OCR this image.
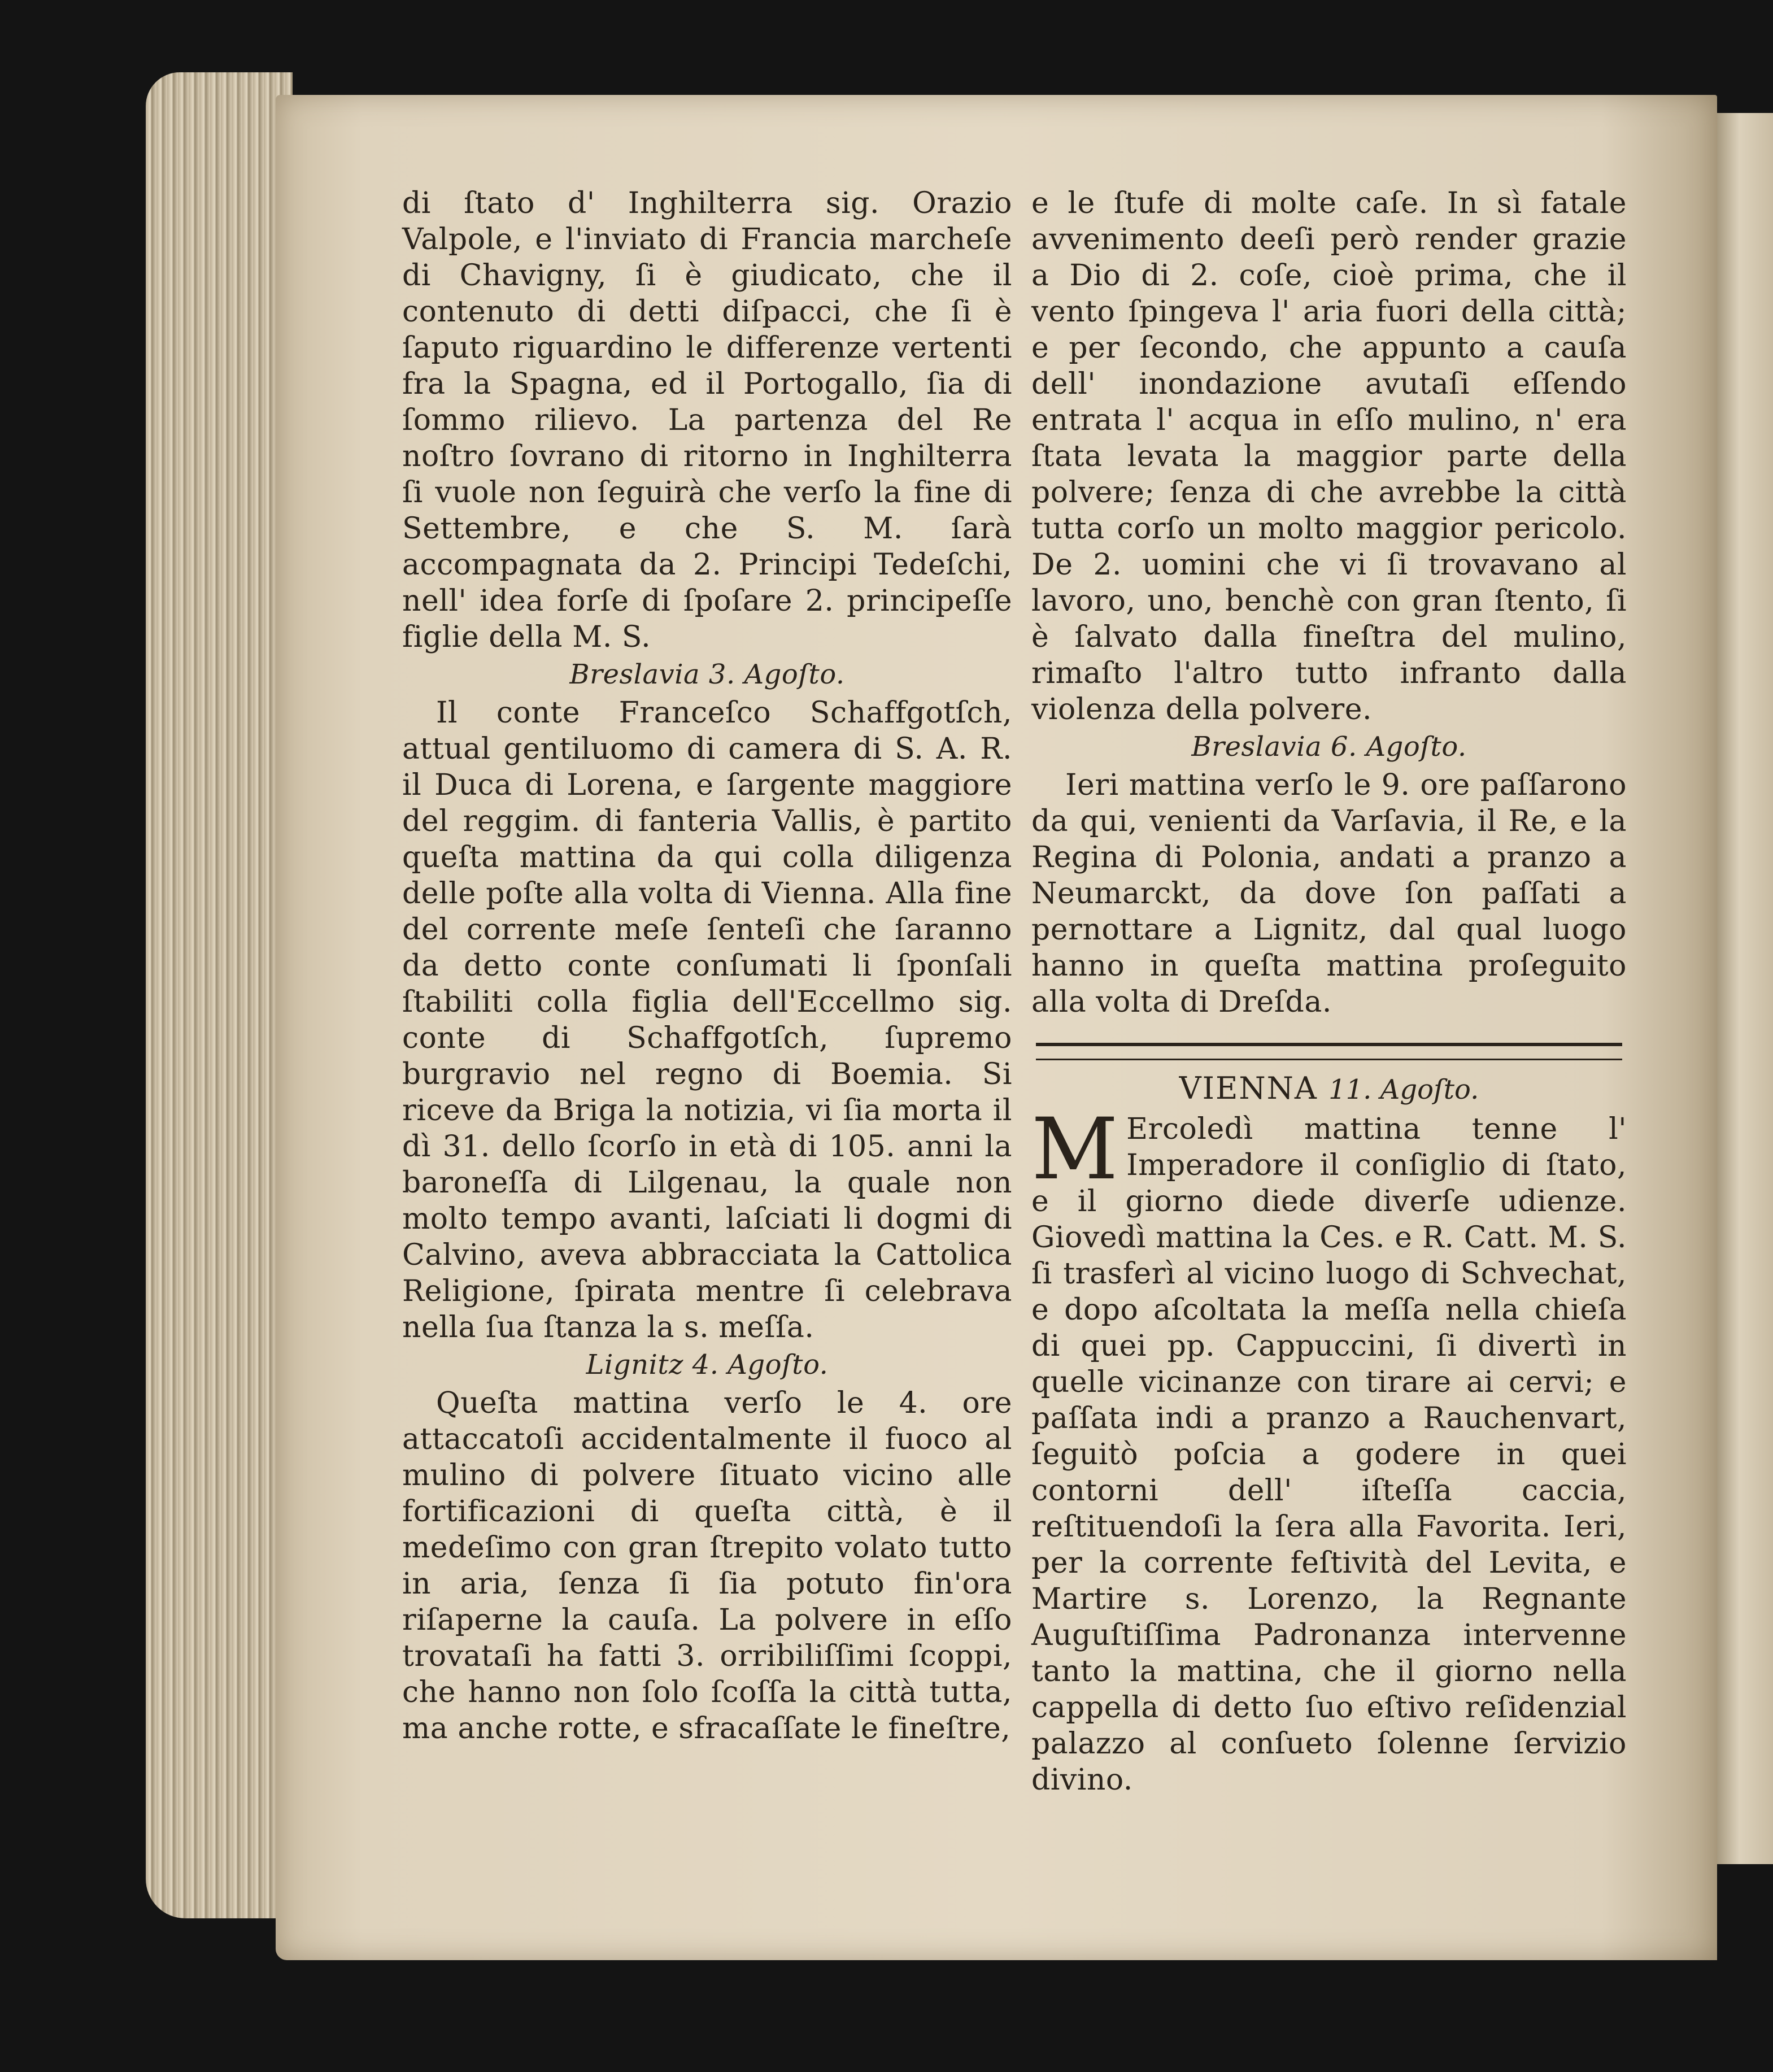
di ſtato d' Inghilterra sig. Orazio Valpole, e l'inviato di Francia marcheſe di Chavigny, ſi è giudicato, che il contenuto di detti diſpacci, che ſi è ſaputo riguardino le differenze vertenti fra la Spagna, ed il Portogallo, ſia di ſommo rilievo. La partenza del Re noſtro ſovrano di ritorno in Inghilterra ſi vuole non ſeguirà che verſo la fine di Settembre, e che S. M. ſarà accompagnata da 2. Principi Tedeſchi, nell' idea forſe di ſpoſare 2. principeſſe figlie della M. S.

Breslavia 3. Agoſto.

Il conte Franceſco Schaffgotſch, attual gentiluomo di camera di S. A. R. il Duca di Lorena, e ſargente maggiore del reggim. di fanteria Vallis, è partito queſta mattina da qui colla diligenza delle poſte alla volta di Vienna. Alla fine del corrente meſe ſenteſi che ſaranno da detto conte conſumati li ſponſali ſtabiliti colla figlia dell'Eccellmo sig. conte di Schaffgotſch, ſupremo burgravio nel regno di Boemia. Si riceve da Briga la notizia, vi ſia morta il dì 31. dello ſcorſo in età di 105. anni la baroneſſa di Lilgenau, la quale non molto tempo avanti, laſciati li dogmi di Calvino, aveva abbracciata la Cattolica Religione, ſpirata mentre ſi celebrava nella ſua ſtanza la s. meſſa.

Lignitz 4. Agoſto.

Queſta mattina verſo le 4. ore attaccatoſi accidentalmente il fuoco al mulino di polvere ſituato vicino alle fortificazioni di queſta città, è il medeſimo con gran ſtrepito volato tutto in aria, ſenza ſi ſia potuto fin'ora riſaperne la cauſa. La polvere in eſſo trovataſi ha fatti 3. orribiliſſimi ſcoppi, che hanno non ſolo ſcoſſa la città tutta, ma anche rotte, e sfracaſſate le fineſtre,

e le ſtufe di molte caſe. In sì fatale avvenimento deeſi però render grazie a Dio di 2. coſe, cioè prima, che il vento ſpingeva l' aria fuori della città; e per ſecondo, che appunto a cauſa dell' inondazione avutaſi eſſendo entrata l' acqua in eſſo mulino, n' era ſtata levata la maggior parte della polvere; ſenza di che avrebbe la città tutta corſo un molto maggior pericolo. De 2. uomini che vi ſi trovavano al lavoro, uno, benchè con gran ſtento, ſi è ſalvato dalla fineſtra del mulino, rimaſto l'altro tutto infranto dalla violenza della polvere.

Breslavia 6. Agoſto.

Ieri mattina verſo le 9. ore paſſarono da qui, venienti da Varſavia, il Re, e la Regina di Polonia, andati a pranzo a Neumarckt, da dove ſon paſſati a pernottare a Lignitz, dal qual luogo hanno in queſta mattina proſeguito alla volta di Dreſda.

VIENNA 11. Agoſto.

M Ercoledì mattina tenne l' Imperadore il conſiglio di ſtato, e il giorno diede diverſe udienze. Giovedì mattina la Ces. e R. Catt. M. S. ſi trasferì al vicino luogo di Schvechat, e dopo aſcoltata la meſſa nella chieſa di quei pp. Cappuccini, ſi divertì in quelle vicinanze con tirare ai cervi; e paſſata indi a pranzo a Rauchenvart, ſeguitò poſcia a godere in quei contorni dell' iſteſſa caccia, reſtituendoſi la ſera alla Favorita. Ieri, per la corrente feſtività del Levita, e Martire s. Lorenzo, la Regnante Auguſtiſſima Padronanza intervenne tanto la mattina, che il giorno nella cappella di detto ſuo eſtivo reſidenzial palazzo al conſueto ſolenne ſervizio divino.
